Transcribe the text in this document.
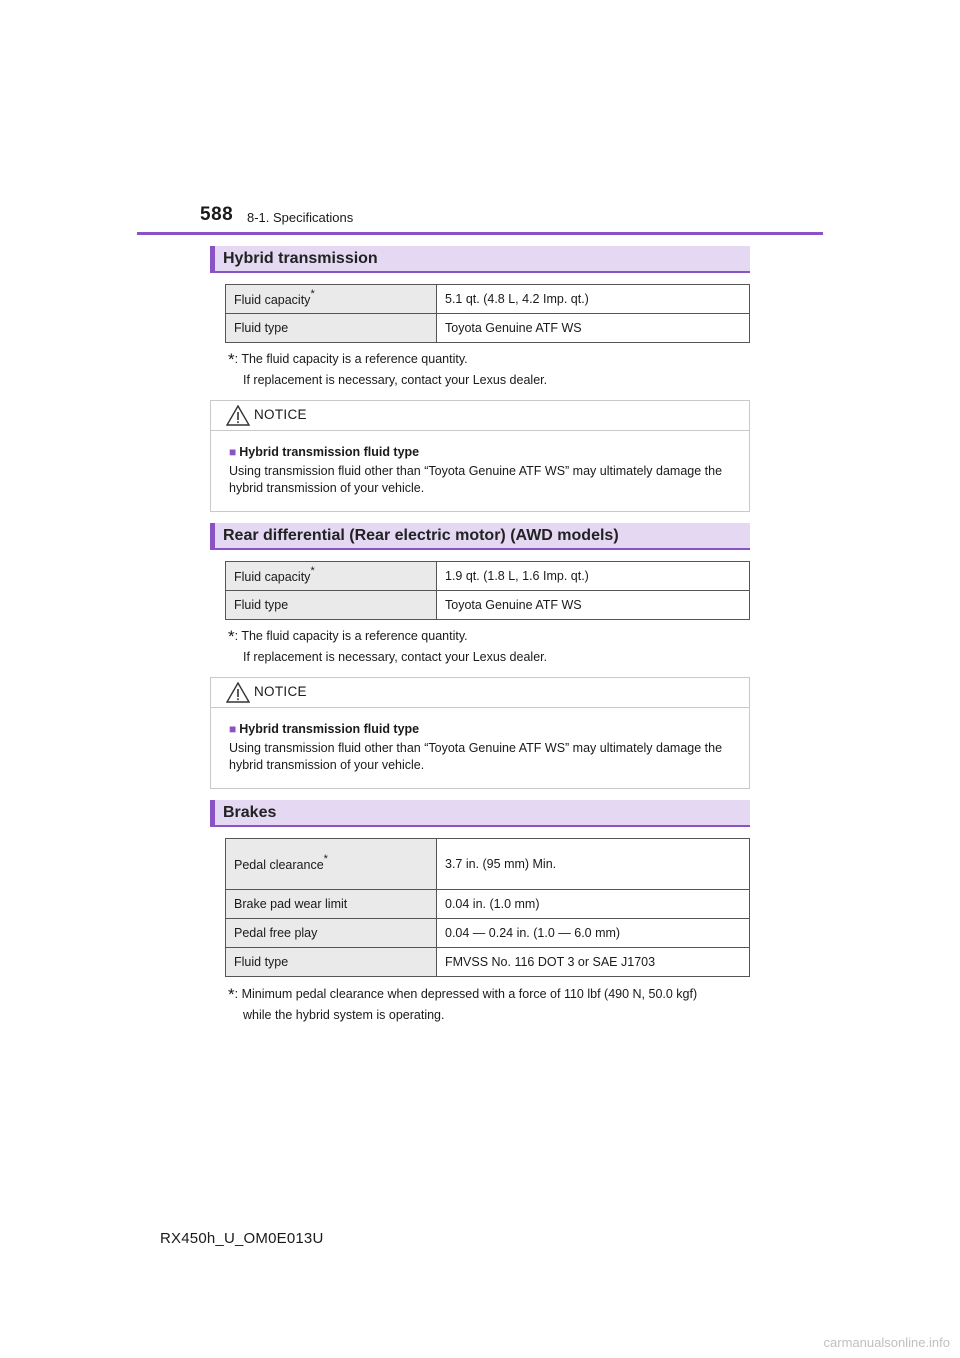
588 8-1. Specifications
Hybrid transmission
Fluid capacity*	5.1 qt. (4.8 L, 4.2 Imp. qt.)
Fluid type	Toyota Genuine ATF WS
*: The fluid capacity is a reference quantity.
If replacement is necessary, contact your Lexus dealer.
NOTICE
■ Hybrid transmission fluid type
Using transmission fluid other than “Toyota Genuine ATF WS” may ultimately damage the hybrid transmission of your vehicle.
Rear differential (Rear electric motor) (AWD models)
Fluid capacity*	1.9 qt. (1.8 L, 1.6 Imp. qt.)
Fluid type	Toyota Genuine ATF WS
*: The fluid capacity is a reference quantity.
If replacement is necessary, contact your Lexus dealer.
NOTICE
■ Hybrid transmission fluid type
Using transmission fluid other than “Toyota Genuine ATF WS” may ultimately damage the hybrid transmission of your vehicle.
Brakes
Pedal clearance*	3.7 in. (95 mm) Min.
Brake pad wear limit	0.04 in. (1.0 mm)
Pedal free play	0.04 — 0.24 in. (1.0 — 6.0 mm)
Fluid type	FMVSS No. 116 DOT 3 or SAE J1703
*: Minimum pedal clearance when depressed with a force of 110 lbf (490 N, 50.0 kgf)
while the hybrid system is operating.
RX450h_U_OM0E013U
carmanualsonline.info
